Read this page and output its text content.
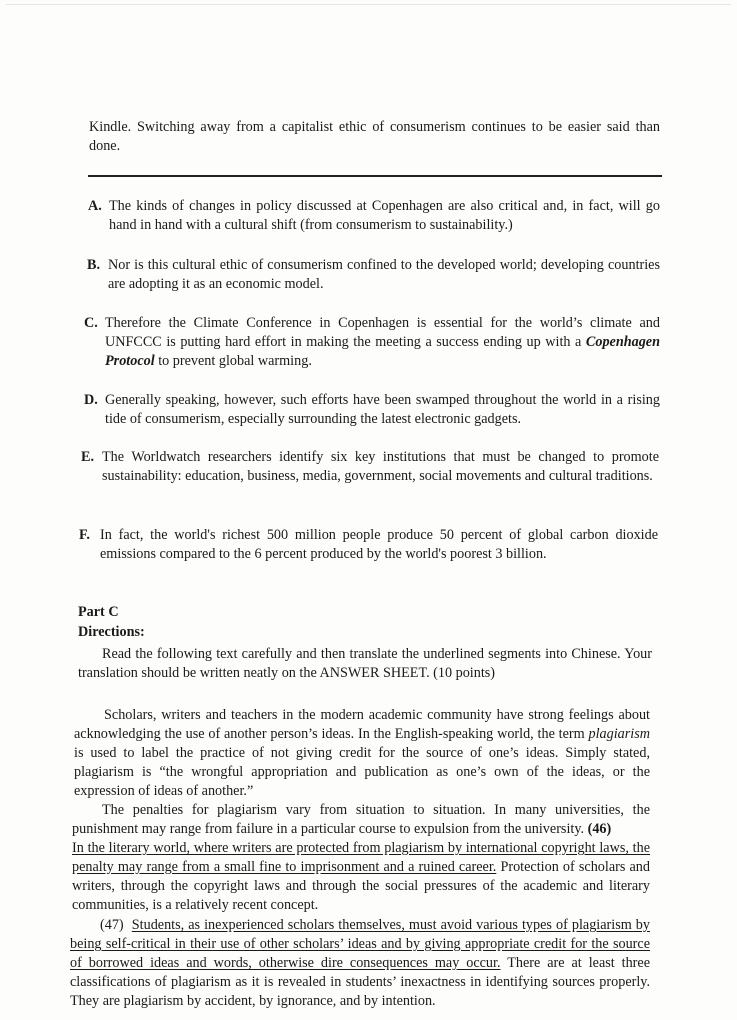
Kindle. Switching away from a capitalist ethic of consumerism continues to be easier said than done.

A. The kinds of changes in policy discussed at Copenhagen are also critical and, in fact, will go hand in hand with a cultural shift (from consumerism to sustainability.)
B. Nor is this cultural ethic of consumerism confined to the developed world; developing countries are adopting it as an economic model.
C. Therefore the Climate Conference in Copenhagen is essential for the world’s climate and UNFCCC is putting hard effort in making the meeting a success ending up with a Copenhagen Protocol to prevent global warming.
D. Generally speaking, however, such efforts have been swamped throughout the world in a rising tide of consumerism, especially surrounding the latest electronic gadgets.
E. The Worldwatch researchers identify six key institutions that must be changed to promote sustainability: education, business, media, government, social movements and cultural traditions.
F. In fact, the world's richest 500 million people produce 50 percent of global carbon dioxide emissions compared to the 6 percent produced by the world's poorest 3 billion.
Part C
Directions:

Read the following text carefully and then translate the underlined segments into Chinese. Your translation should be written neatly on the ANSWER SHEET. (10 points)

Scholars, writers and teachers in the modern academic community have strong feelings about acknowledging the use of another person’s ideas. In the English-speaking world, the term plagiarism is used to label the practice of not giving credit for the source of one’s ideas. Simply stated, plagiarism is “the wrongful appropriation and publication as one’s own of the ideas, or the expression of ideas of another.”

The penalties for plagiarism vary from situation to situation. In many universities, the punishment may range from failure in a particular course to expulsion from the university. (46)
In the literary world, where writers are protected from plagiarism by international copyright laws, the penalty may range from a small fine to imprisonment and a ruined career. Protection of scholars and writers, through the copyright laws and through the social pressures of the academic and literary communities, is a relatively recent concept.

(47) Students, as inexperienced scholars themselves, must avoid various types of plagiarism by being self-critical in their use of other scholars’ ideas and by giving appropriate credit for the source of borrowed ideas and words, otherwise dire consequences may occur. There are at least three classifications of plagiarism as it is revealed in students’ inexactness in identifying sources properly. They are plagiarism by accident, by ignorance, and by intention.
